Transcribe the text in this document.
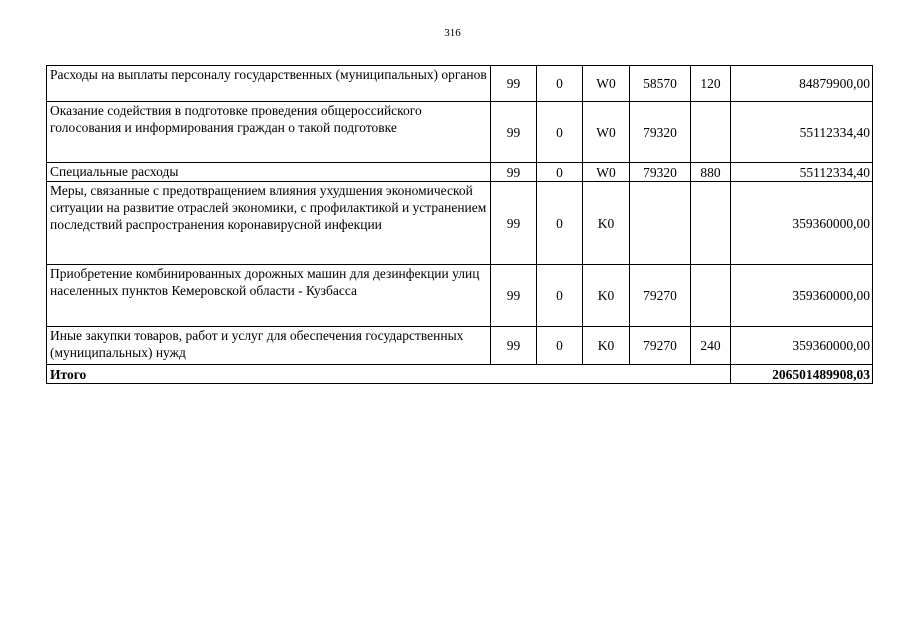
316
Расходы на выплаты персоналу государственных (муниципальных) органов	99	0	W0	58570	120	84879900,00
Оказание содействия в подготовке проведения общероссийского голосования и информирования граждан о такой подготовке	99	0	W0	79320		55112334,40
Специальные расходы	99	0	W0	79320	880	55112334,40
Меры, связанные с предотвращением влияния ухудшения экономической ситуации на развитие отраслей экономики, с профилактикой и устранением последствий распространения коронавирусной инфекции	99	0	K0			359360000,00
Приобретение комбинированных дорожных машин для дезинфекции улиц населенных пунктов Кемеровской области - Кузбасса	99	0	K0	79270		359360000,00
Иные закупки товаров, работ и услуг для обеспечения государственных (муниципальных) нужд	99	0	K0	79270	240	359360000,00
Итого						206501489908,03
